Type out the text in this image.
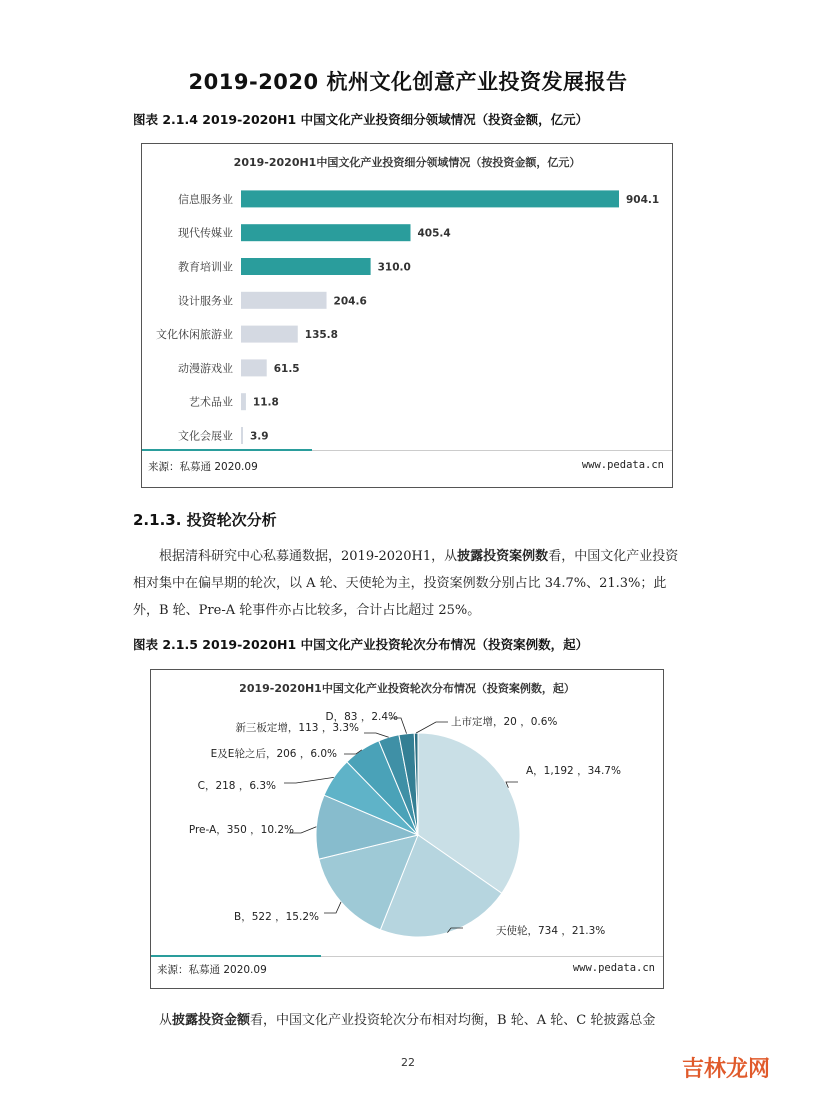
2019-2020 杭州文化创意产业投资发展报告
图表 2.1.4 2019-2020H1 中国文化产业投资细分领域情况（投资金额，亿元）
2019-2020H1中国文化产业投资细分领域情况（按投资金额，亿元）
信息服务业	904.1
现代传媒业	405.4
教育培训业	310.0
设计服务业	204.6
文化休闲旅游业	135.8
动漫游戏业	61.5
艺术品业 11.8
文化会展业 3.9
来源：私募通 2020.09	www.pedata.cn
2.1.3. 投资轮次分析
根据清科研究中心私募通数据，2019-2020H1，从披露投资案例数看，中国文化产业投资相对集中在偏早期的轮次，以 A 轮、天使轮为主，投资案例数分别占比 34.7%、21.3%；此外，B 轮、Pre-A 轮事件亦占比较多，合计占比超过 25%。
图表 2.1.5 2019-2020H1 中国文化产业投资轮次分布情况（投资案例数，起）
2019-2020H1中国文化产业投资轮次分布情况（投资案例数，起）
A，1,192 ，34.7%
天使轮，734 ，21.3%
B，522 ，15.2%
Pre-A，350 ，10.2%
C，218 ，6.3%
E及E轮之后，206 ，6.0%
新三板定增，113 ，3.3%
D，83 ，2.4%	上市定增，20 ，0.6%
来源：私募通 2020.09	www.pedata.cn
从披露投资金额看，中国文化产业投资轮次分布相对均衡，B 轮、A 轮、C 轮披露总金
22	吉林龙网
